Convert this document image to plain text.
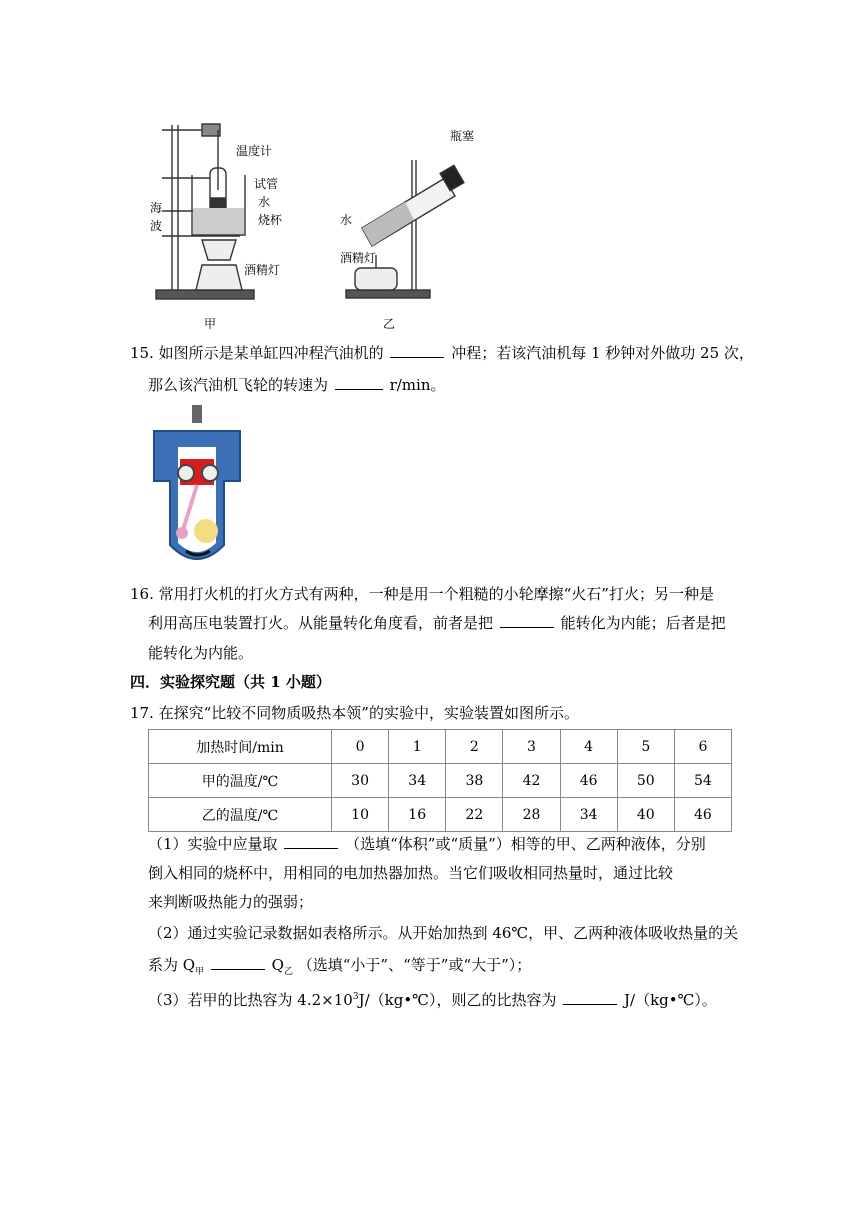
温度计
试管
水
烧杯
酒精灯
海
波
甲
瓶塞
水
酒精灯
乙
15. 如图所示是某单缸四冲程汽油机的	冲程；若该汽油机每 1 秒钟对外做功 25 次，
那么该汽油机飞轮的转速为	r/min。
16. 常用打火机的打火方式有两种，一种是用一个粗糙的小轮摩擦“火石”打火；另一种是
利用高压电装置打火。从能量转化角度看，前者是把	能转化为内能；后者是把
能转化为内能。
四．实验探究题（共 1 小题）
17. 在探究“比较不同物质吸热本领”的实验中，实验装置如图所示。
加热时间/min	0	1	2	3	4	5	6
甲的温度/℃	30	34	38	42	46	50	54
乙的温度/℃	10	16	22	28	34	40	46
（1）实验中应量取	（选填“体积”或“质量”）相等的甲、乙两种液体，分别
倒入相同的烧杯中，用相同的电加热器加热。当它们吸收相同热量时，通过比较
来判断吸热能力的强弱；
（2）通过实验记录数据如表格所示。从开始加热到 46℃，甲、乙两种液体吸收热量的关
系为 $Q_甲$	$Q_乙$ （选填“小于”、“等于”或“大于”）；
（3）若甲的比热容为 $4.2\times 10^3J/(kg•℃)$，则乙的比热容为	J/（kg•℃）。
